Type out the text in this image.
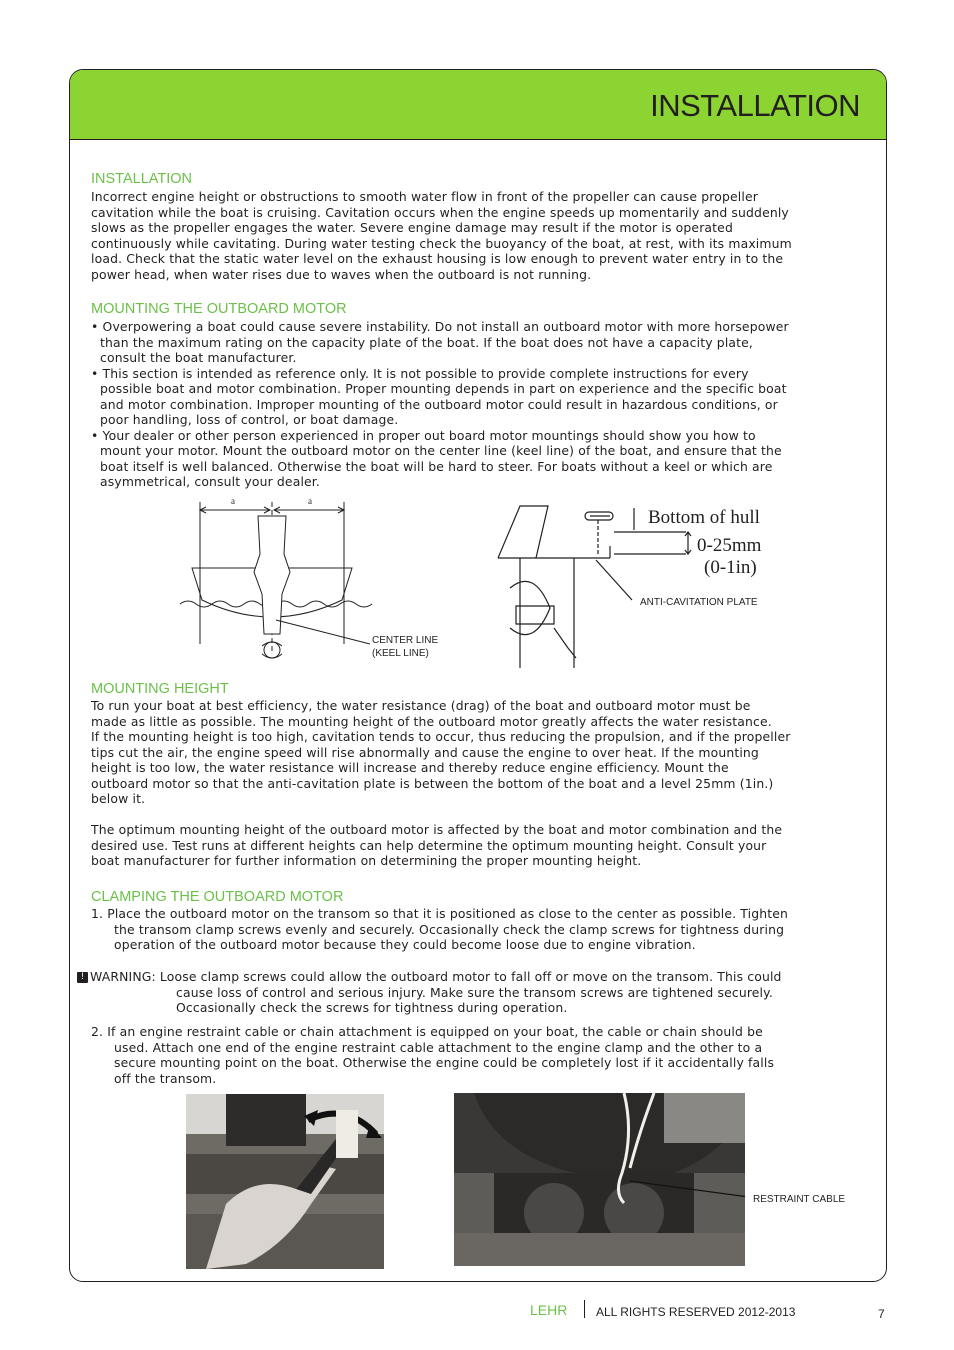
INSTALLATION
INSTALLATION
Incorrect engine height or obstructions to smooth water flow in front of the propeller can cause propeller
cavitation while the boat is cruising. Cavitation occurs when the engine speeds up momentarily and suddenly
slows as the propeller engages the water. Severe engine damage may result if the motor is operated
continuously while cavitating. During water testing check the buoyancy of the boat, at rest, with its maximum
load. Check that the static water level on the exhaust housing is low enough to prevent water entry in to the
power head, when water rises due to waves when the outboard is not running.
MOUNTING THE OUTBOARD MOTOR
• Overpowering a boat could cause severe instability. Do not install an outboard motor with more horsepower
than the maximum rating on the capacity plate of the boat. If the boat does not have a capacity plate,
consult the boat manufacturer.
• This section is intended as reference only. It is not possible to provide complete instructions for every
possible boat and motor combination. Proper mounting depends in part on experience and the specific boat
and motor combination. Improper mounting of the outboard motor could result in hazardous conditions, or
poor handling, loss of control, or boat damage.
• Your dealer or other person experienced in proper out board motor mountings should show you how to
mount your motor. Mount the outboard motor on the center line (keel line) of the boat, and ensure that the
boat itself is well balanced. Otherwise the boat will be hard to steer. For boats without a keel or which are
asymmetrical, consult your dealer.
a	a
CENTER LINE
(KEEL LINE)
Bottom of hull
0-25mm
(0-1in)
ANTI-CAVITATION PLATE
MOUNTING HEIGHT
To run your boat at best efficiency, the water resistance (drag) of the boat and outboard motor must be
made as little as possible. The mounting height of the outboard motor greatly affects the water resistance.
If the mounting height is too high, cavitation tends to occur, thus reducing the propulsion, and if the propeller
tips cut the air, the engine speed will rise abnormally and cause the engine to over heat. If the mounting
height is too low, the water resistance will increase and thereby reduce engine efficiency. Mount the
outboard motor so that the anti-cavitation plate is between the bottom of the boat and a level 25mm (1in.)
below it.
The optimum mounting height of the outboard motor is affected by the boat and motor combination and the
desired use. Test runs at different heights can help determine the optimum mounting height. Consult your
boat manufacturer for further information on determining the proper mounting height.
CLAMPING THE OUTBOARD MOTOR
1. Place the outboard motor on the transom so that it is positioned as close to the center as possible. Tighten
the transom clamp screws evenly and securely. Occasionally check the clamp screws for tightness during
operation of the outboard motor because they could become loose due to engine vibration.
! WARNING: Loose clamp screws could allow the outboard motor to fall off or move on the transom. This could
cause loss of control and serious injury. Make sure the transom screws are tightened securely.
Occasionally check the screws for tightness during operation.
2. If an engine restraint cable or chain attachment is equipped on your boat, the cable or chain should be
used. Attach one end of the engine restraint cable attachment to the engine clamp and the other to a
secure mounting point on the boat. Otherwise the engine could be completely lost if it accidentally falls
off the transom.
RESTRAINT CABLE
LEHR ALL RIGHTS RESERVED 2012-2013	7
